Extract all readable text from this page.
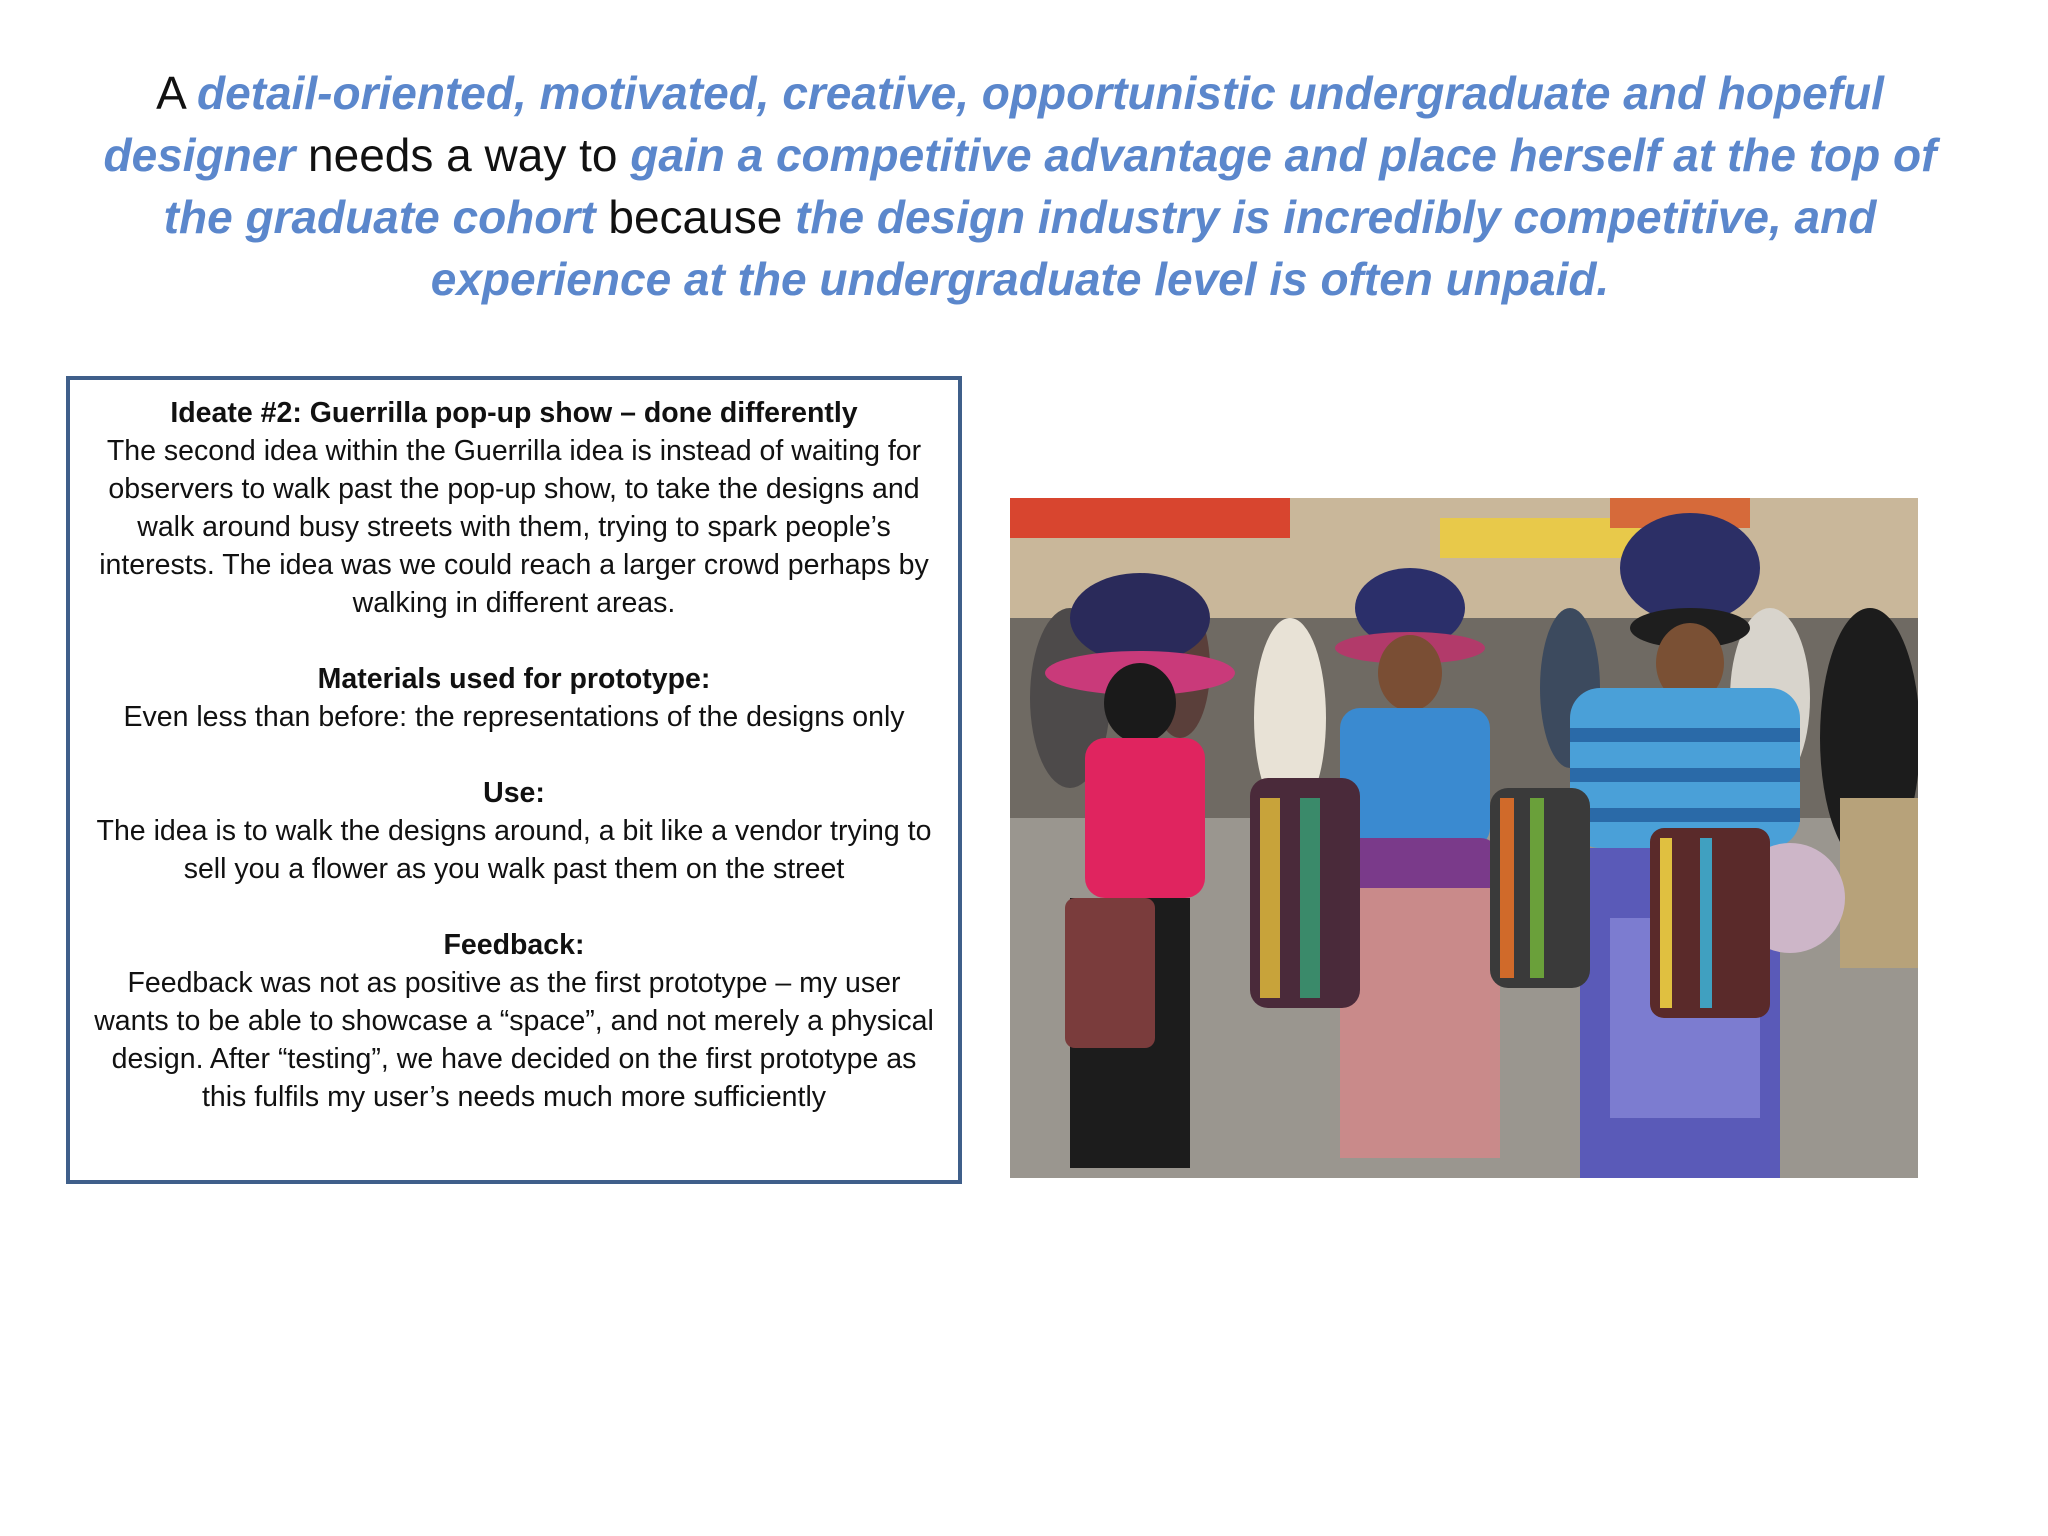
A detail-oriented, motivated, creative, opportunistic undergraduate and hopeful designer needs a way to gain a competitive advantage and place herself at the top of the graduate cohort because the design industry is incredibly competitive, and experience at the undergraduate level is often unpaid.
Ideate #2: Guerrilla pop-up show – done differently
The second idea within the Guerrilla idea is instead of waiting for observers to walk past the pop-up show, to take the designs and walk around busy streets with them, trying to spark people’s interests. The idea was we could reach a larger crowd perhaps by walking in different areas.
Materials used for prototype:
Even less than before: the representations of the designs only
Use:
The idea is to walk the designs around, a bit like a vendor trying to sell you a flower as you walk past them on the street
Feedback:
Feedback was not as positive as the first prototype – my user wants to be able to showcase a “space”, and not merely a physical design. After “testing”, we have decided on the first prototype as this fulfils my user’s needs much more sufficiently
